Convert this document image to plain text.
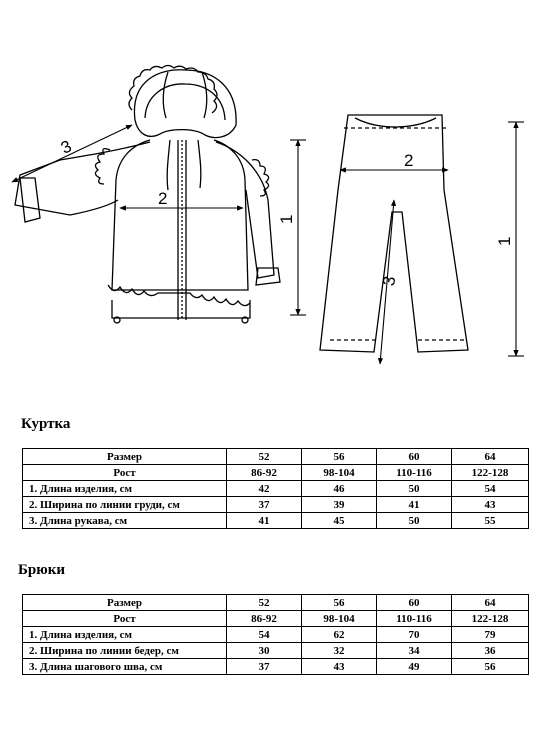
1
2
3
1
2
3
Куртка
Размер	52	56	60	64
Рост	86-92	98-104	110-116	122-128
1. Длина изделия, см	42	46	50	54
2. Ширина по линии груди, см	37	39	41	43
3. Длина рукава, см	41	45	50	55
Брюки
Размер	52	56	60	64
Рост	86-92	98-104	110-116	122-128
1. Длина изделия, см	54	62	70	79
2. Ширина по линии бедер, см	30	32	34	36
3. Длина шагового шва, см	37	43	49	56
